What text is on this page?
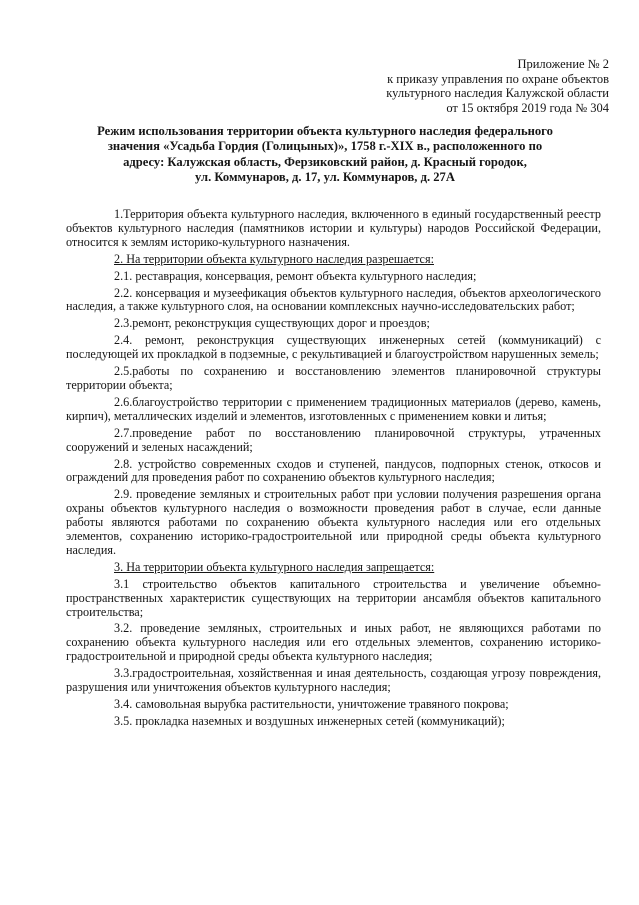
Приложение № 2
к приказу управления по охране объектов
культурного наследия Калужской области
от 15 октября 2019 года № 304
Режим использования территории объекта культурного наследия федерального
значения «Усадьба Гордия (Голицыных)», 1758 г.-XIX в., расположенного по
адресу: Калужская область, Ферзиковский район, д. Красный городок,
ул. Коммунаров, д. 17, ул. Коммунаров, д. 27А

1.Территория объекта культурного наследия, включенного в единый государственный реестр объектов культурного наследия (памятников истории и культуры) народов Российской Федерации, относится к землям историко-культурного назначения.

2. На территории объекта культурного наследия разрешается:

2.1. реставрация, консервация, ремонт объекта культурного наследия;

2.2. консервация и музеефикация объектов культурного наследия, объектов археологического наследия, а также культурного слоя, на основании комплексных научно-исследовательских работ;

2.3.ремонт, реконструкция существующих дорог и проездов;

2.4. ремонт, реконструкция существующих инженерных сетей (коммуникаций) с последующей их прокладкой в подземные, с рекультивацией и благоустройством нарушенных земель;

2.5.работы по сохранению и восстановлению элементов планировочной структуры территории объекта;

2.6.благоустройство территории с применением традиционных материалов (дерево, камень, кирпич), металлических изделий и элементов, изготовленных с применением ковки и литья;

2.7.проведение работ по восстановлению планировочной структуры, утраченных сооружений и зеленых насаждений;

2.8. устройство современных сходов и ступеней, пандусов, подпорных стенок, откосов и ограждений для проведения работ по сохранению объектов культурного наследия;

2.9. проведение земляных и строительных работ при условии получения разрешения органа охраны объектов культурного наследия о возможности проведения работ в случае, если данные работы являются работами по сохранению объекта культурного наследия или его отдельных элементов, сохранению историко-градостроительной или природной среды объекта культурного наследия.

3. На территории объекта культурного наследия запрещается:

3.1 строительство объектов капитального строительства и увеличение объемно-пространственных характеристик существующих на территории ансамбля объектов капитального строительства;

3.2. проведение земляных, строительных и иных работ, не являющихся работами по сохранению объекта культурного наследия или его отдельных элементов, сохранению историко-градостроительной и природной среды объекта культурного наследия;

3.3.градостроительная, хозяйственная и иная деятельность, создающая угрозу повреждения, разрушения или уничтожения объектов культурного наследия;

3.4. самовольная вырубка растительности, уничтожение травяного покрова;

3.5. прокладка наземных и воздушных инженерных сетей (коммуникаций);
